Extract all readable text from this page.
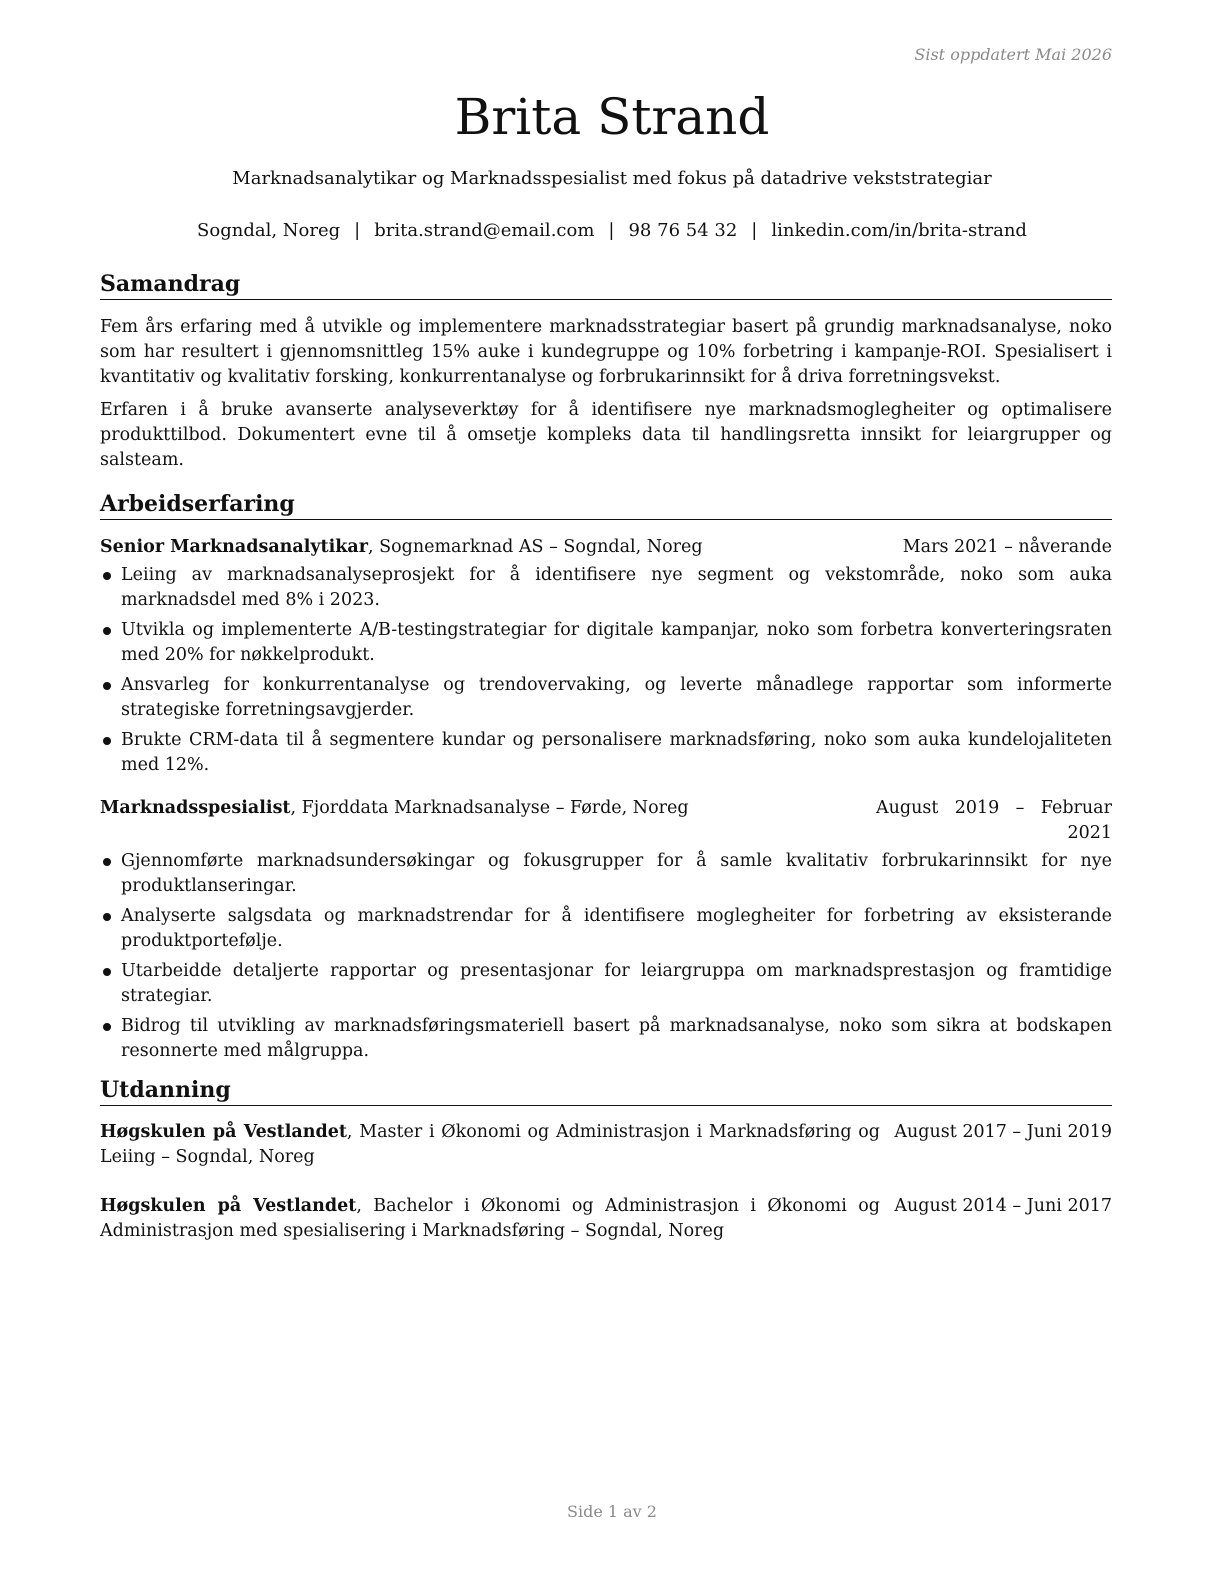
Sist oppdatert Mai 2026
Brita Strand
Marknadsanalytikar og Marknadsspesialist med fokus på datadrive vekststrategiar
Sogndal, Noreg | brita.strand@email.com | 98 76 54 32 | linkedin.com/in/brita-strand
Samandrag

Fem års erfaring med å utvikle og implementere marknadsstrategiar basert på grundig marknadsanalyse, noko som har resultert i gjennomsnittleg 15% auke i kundegruppe og 10% forbetring i kampanje-ROI. Spesialisert i kvantitativ og kvalitativ forsking, konkurrentanalyse og forbrukarinnsikt for å driva forretningsvekst.

Erfaren i å bruke avanserte analyseverktøy for å identifisere nye marknadsmoglegheiter og optimalisere produkttilbod. Dokumentert evne til å omsetje kompleks data til handlingsretta innsikt for leiargrupper og salsteam.

Arbeidserfaring
Senior Marknadsanalytikar, Sognemarknad AS – Sogndal, Noreg	Mars 2021 – nåverande
Leiing av marknadsanalyseprosjekt for å identifisere nye segment og vekstområde, noko som auka marknadsdel med 8% i 2023.
Utvikla og implementerte A/B-testingstrategiar for digitale kampanjar, noko som forbetra konverteringsraten med 20% for nøkkelprodukt.
Ansvarleg for konkurrentanalyse og trendovervaking, og leverte månadlege rapportar som informerte strategiske forretningsavgjerder.
Brukte CRM-data til å segmentere kundar og personalisere marknadsføring, noko som auka kundelojaliteten med 12%.
Marknadsspesialist, Fjorddata Marknadsanalyse – Førde, Noreg	August 2019 – Februar 2021
Gjennomførte marknadsundersøkingar og fokusgrupper for å samle kvalitativ forbrukarinnsikt for nye produktlanseringar.
Analyserte salgsdata og marknadstrendar for å identifisere moglegheiter for forbetring av eksisterande produktportefølje.
Utarbeidde detaljerte rapportar og presentasjonar for leiargruppa om marknadsprestasjon og framtidige strategiar.
Bidrog til utvikling av marknadsføringsmateriell basert på marknadsanalyse, noko som sikra at bodskapen resonnerte med målgruppa.
Utdanning
Høgskulen på Vestlandet, Master i Økonomi og Administrasjon i Marknadsføring og Leiing – Sogndal, Noreg
August 2017 – Juni 2019
Høgskulen på Vestlandet, Bachelor i Økonomi og Administrasjon i Økonomi og Administrasjon med spesialisering i Marknadsføring – Sogndal, Noreg
August 2014 – Juni 2017
Side 1 av 2
